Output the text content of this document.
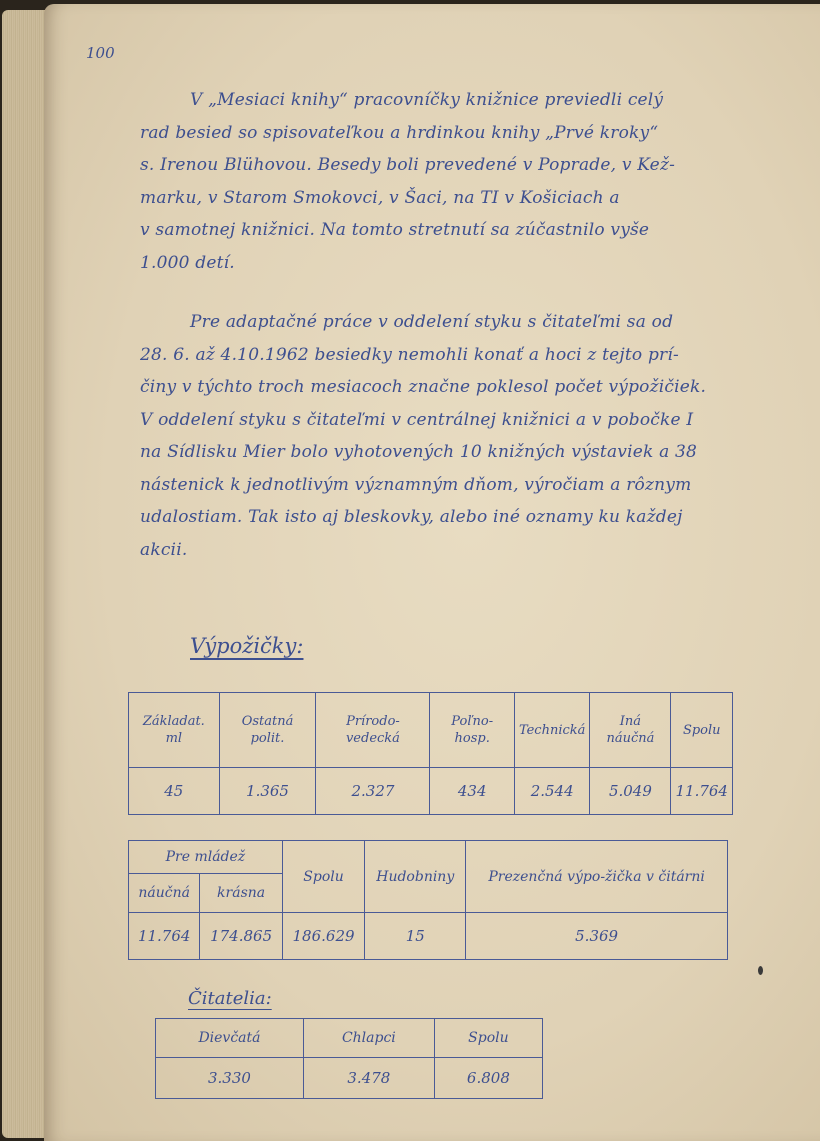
100
V „Mesiaci knihy“ pracovníčky knižnice previedli celý
rad besied so spisovateľkou a hrdinkou knihy „Prvé kroky“
s. Irenou Blühovou. Besedy boli prevedené v Poprade, v Kež-
marku, v Starom Smokovci, v Šaci, na TI v Košiciach a
v samotnej knižnici. Na tomto stretnutí sa zúčastnilo vyše
1.000 detí.
Pre adaptačné práce v oddelení styku s čitateľmi sa od
28. 6. až 4.10.1962 besiedky nemohli konať a hoci z tejto prí-
činy v týchto troch mesiacoch značne poklesol počet výpožičiek.
V oddelení styku s čitateľmi v centrálnej knižnici a v pobočke I
na Sídlisku Mier bolo vyhotovených 10 knižných výstaviek a 38
nástenick k jednotlivým významným dňom, výročiam a rôznym
udalostiam. Tak isto aj bleskovky, alebo iné oznamy ku každej
akcii.
Výpožičky:
Základat. ml	Ostatná polit.	Prírodo-vedecká	Poľno-hosp.	Technická	Iná náučná	Spolu
45	1.365	2.327	434	2.544	5.049	11.764
Pre mládež		Spolu	Hudobniny	Prezenčná výpo-žička v čitárni
náučná	krásna			
11.764	174.865	186.629	15	5.369
Čitatelia:
Dievčatá	Chlapci	Spolu
3.330	3.478	6.808
